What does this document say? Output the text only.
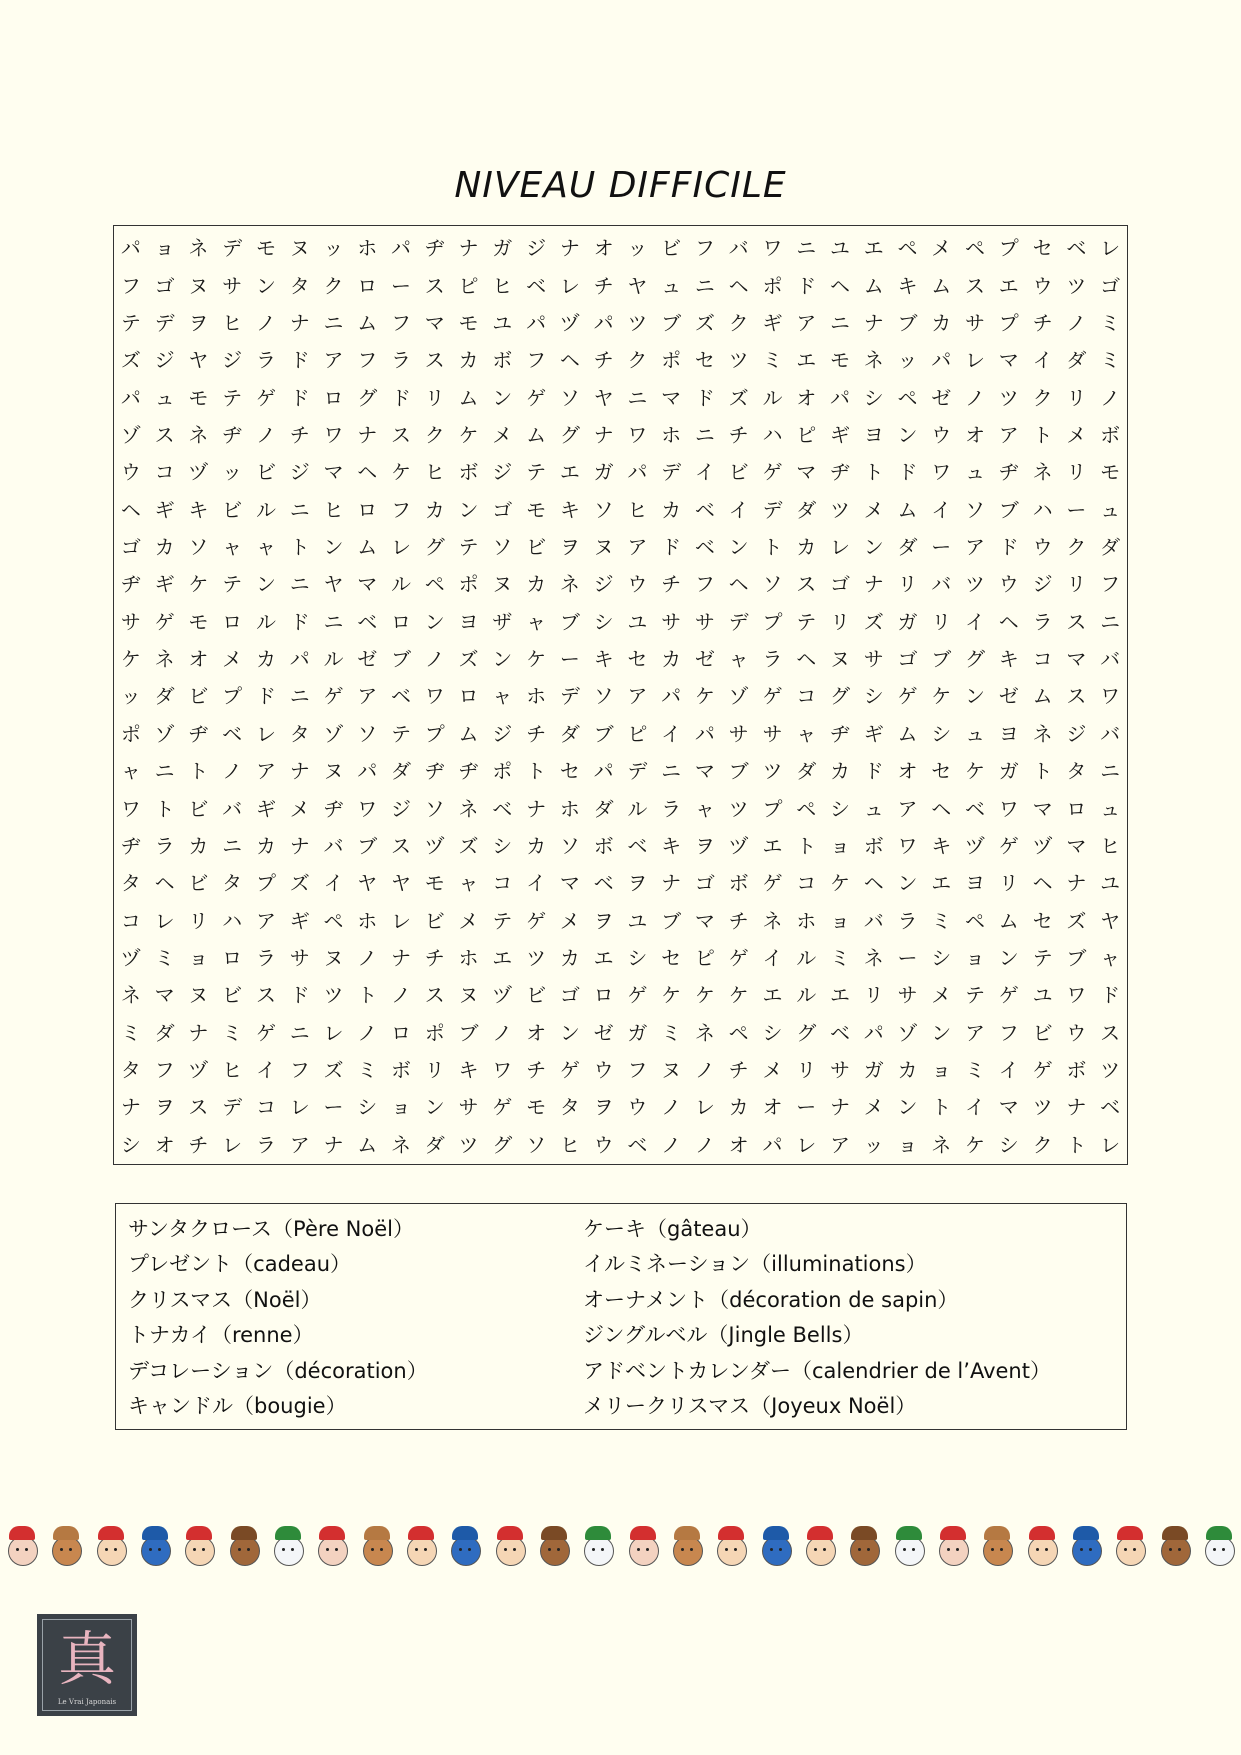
NIVEAU DIFFICILE
パ ョ ネ デ モ ヌ ッ ホ パ ヂ ナ ガ ジ ナ オ ッ ビ フ バ ワ ニ ユ エ ペ メ ペ プ セ ベ レ
フ ゴ ヌ サ ン タ ク ロ ー ス ピ ヒ ベ レ チ ヤ ュ ニ ヘ ポ ド ヘ ム キ ム ス エ ウ ツ ゴ
テ デ ヲ ヒ ノ ナ ニ ム フ マ モ ユ パ ヅ パ ツ ブ ズ ク ギ ア ニ ナ ブ カ サ プ チ ノ ミ
ズ ジ ヤ ジ ラ ド ア フ ラ ス カ ボ フ ヘ チ ク ポ セ ツ ミ エ モ ネ ッ パ レ マ イ ダ ミ
パ ュ モ テ ゲ ド ロ グ ド リ ム ン ゲ ソ ヤ ニ マ ド ズ ル オ パ シ ペ ゼ ノ ツ ク リ ノ
ゾ ス ネ ヂ ノ チ ワ ナ ス ク ケ メ ム グ ナ ワ ホ ニ チ ハ ピ ギ ヨ ン ウ オ ア ト メ ボ
ウ コ ヅ ッ ビ ジ マ ヘ ケ ヒ ボ ジ テ エ ガ パ デ イ ビ ゲ マ ヂ ト ド ワ ュ ヂ ネ リ モ
ヘ ギ キ ビ ル ニ ヒ ロ フ カ ン ゴ モ キ ソ ヒ カ ベ イ デ ダ ツ メ ム イ ソ ブ ハ ー ュ
ゴ カ ソ ャ ャ ト ン ム レ グ テ ソ ビ ヲ ヌ ア ド ベ ン ト カ レ ン ダ ー ア ド ウ ク ダ
ヂ ギ ケ テ ン ニ ヤ マ ル ペ ポ ヌ カ ネ ジ ウ チ フ ヘ ソ ス ゴ ナ リ バ ツ ウ ジ リ フ
サ ゲ モ ロ ル ド ニ ベ ロ ン ヨ ザ ャ ブ シ ユ サ サ デ プ テ リ ズ ガ リ イ ヘ ラ ス ニ
ケ ネ オ メ カ パ ル ゼ ブ ノ ズ ン ケ ー キ セ カ ゼ ャ ラ ヘ ヌ サ ゴ ブ グ キ コ マ バ
ッ ダ ビ プ ド ニ ゲ ア ベ ワ ロ ャ ホ デ ソ ア パ ケ ゾ ゲ コ グ シ ゲ ケ ン ゼ ム ス ワ
ポ ゾ ヂ ベ レ タ ゾ ソ テ プ ム ジ チ ダ ブ ピ イ パ サ サ ャ ヂ ギ ム シ ュ ヨ ネ ジ バ
ャ ニ ト ノ ア ナ ヌ パ ダ ヂ ヂ ポ ト セ パ デ ニ マ ブ ツ ダ カ ド オ セ ケ ガ ト タ ニ
ワ ト ビ バ ギ メ ヂ ワ ジ ソ ネ ベ ナ ホ ダ ル ラ ャ ツ プ ペ シ ュ ア ヘ ベ ワ マ ロ ュ
ヂ ラ カ ニ カ ナ バ ブ ス ヅ ズ シ カ ソ ボ ベ キ ヲ ヅ エ ト ョ ボ ワ キ ヅ ゲ ヅ マ ヒ
タ ヘ ビ タ プ ズ イ ヤ ヤ モ ャ コ イ マ ベ ヲ ナ ゴ ボ ゲ コ ケ ヘ ン エ ヨ リ ヘ ナ ユ
コ レ リ ハ ア ギ ペ ホ レ ビ メ テ ゲ メ ヲ ユ ブ マ チ ネ ホ ョ バ ラ ミ ペ ム セ ズ ヤ
ヅ ミ ョ ロ ラ サ ヌ ノ ナ チ ホ エ ツ カ エ シ セ ピ ゲ イ ル ミ ネ ー シ ョ ン テ ブ ャ
ネ マ ヌ ビ ス ド ツ ト ノ ス ヌ ヅ ビ ゴ ロ ゲ ケ ケ ケ エ ル エ リ サ メ テ ゲ ユ ワ ド
ミ ダ ナ ミ ゲ ニ レ ノ ロ ポ ブ ノ オ ン ゼ ガ ミ ネ ペ シ グ ベ パ ゾ ン ア フ ビ ウ ス
タ フ ヅ ヒ イ フ ズ ミ ボ リ キ ワ チ ゲ ウ フ ヌ ノ チ メ リ サ ガ カ ョ ミ イ ゲ ボ ツ
ナ ヲ ス デ コ レ ー シ ョ ン サ ゲ モ タ ヲ ウ ノ レ カ オ ー ナ メ ン ト イ マ ツ ナ ベ
シ オ チ レ ラ ア ナ ム ネ ダ ツ グ ソ ヒ ウ ベ ノ ノ オ パ レ ア ッ ョ ネ ケ シ ク ト レ
サンタクロース（Père Noël）
プレゼント（cadeau）
クリスマス（Noël）
トナカイ（renne）
デコレーション（décoration）
キャンドル（bougie）
ケーキ（gâteau）
イルミネーション（illuminations）
オーナメント（décoration de sapin）
ジングルベル（Jingle Bells）
アドベントカレンダー（calendrier de l’Avent）
メリークリスマス（Joyeux Noël）
真
Le Vrai Japonais
